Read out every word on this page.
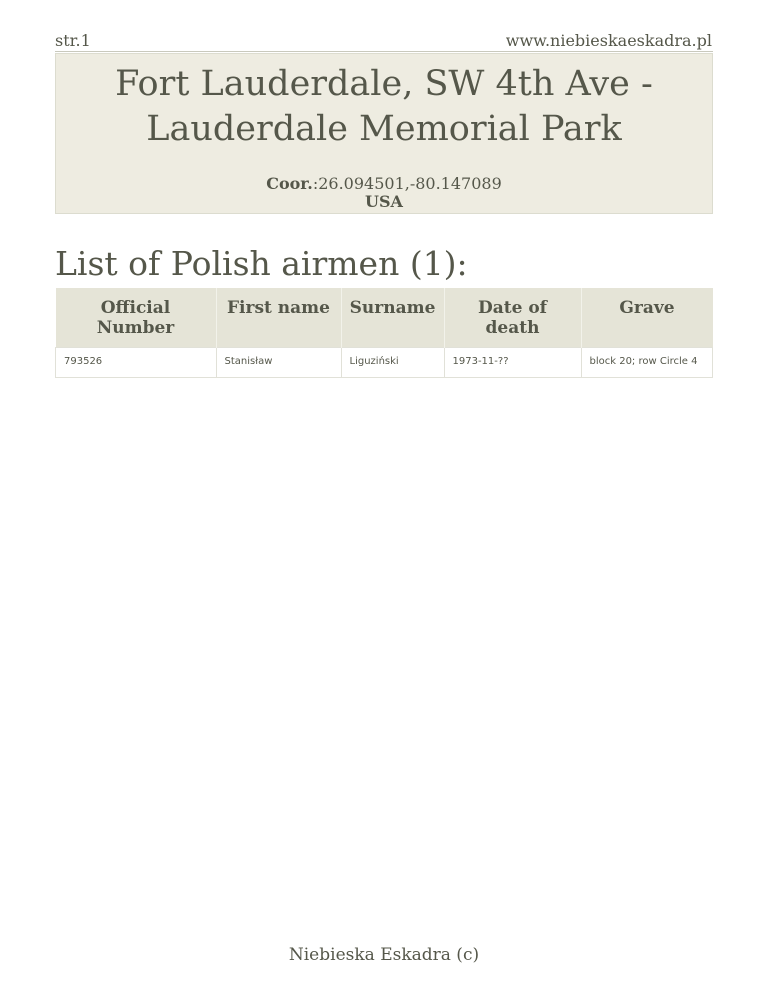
str.1	www.niebieskaeskadra.pl
Fort Lauderdale, SW 4th Ave -
Lauderdale Memorial Park
Coor.:26.094501,-80.147089
USA
List of Polish airmen (1):
Official Number	First name	Surname	Date of death	Grave
793526	Stanisław	Liguziński	1973-11-??	block 20; row Circle 4
Niebieska Eskadra (c)
